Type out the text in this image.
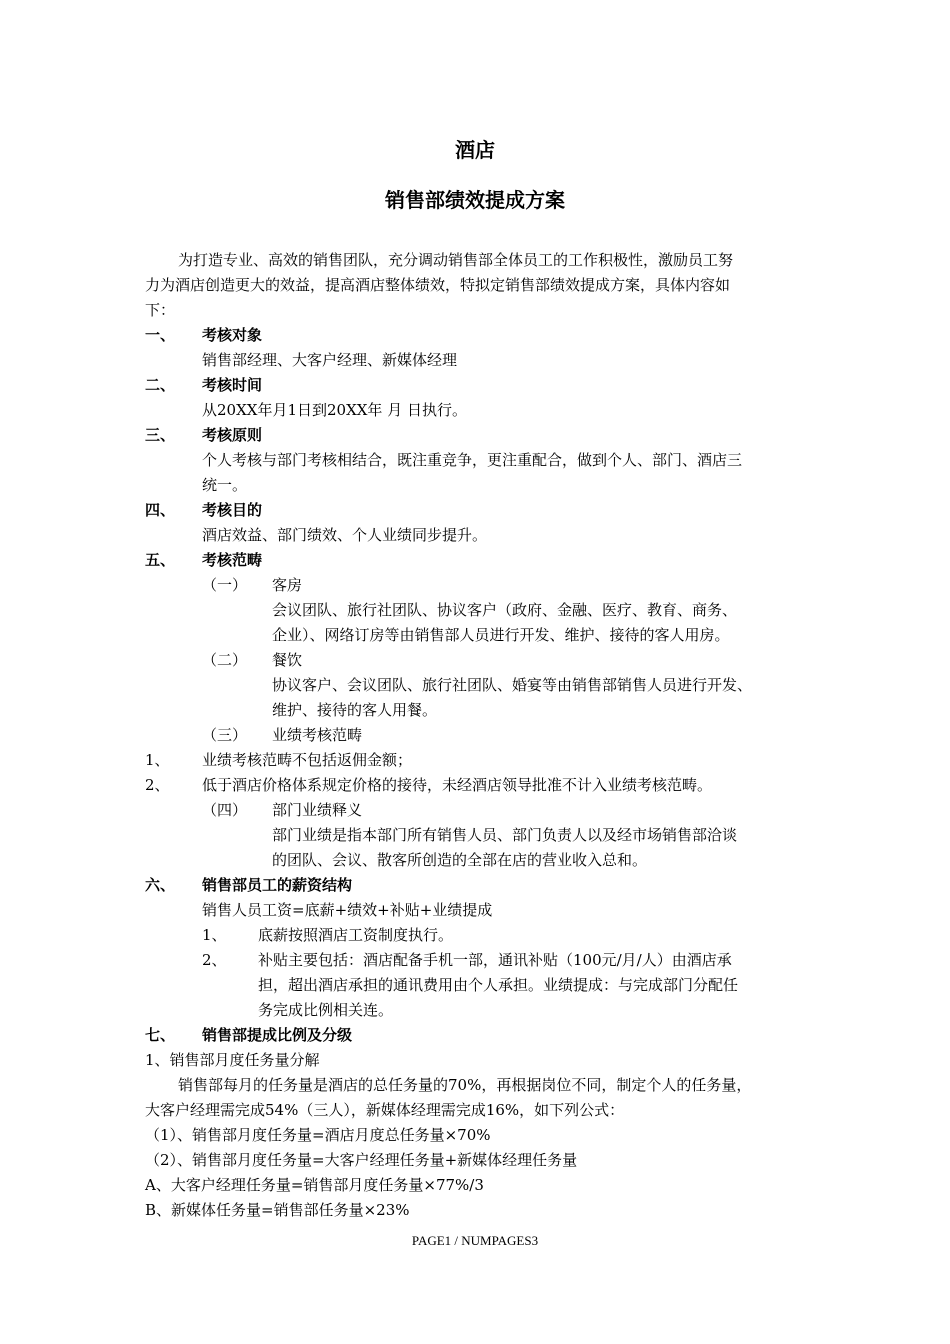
酒店
销售部绩效提成方案
为打造专业、高效的销售团队，充分调动销售部全体员工的工作积极性，激励员工努
力为酒店创造更大的效益，提高酒店整体绩效，特拟定销售部绩效提成方案，具体内容如
下：
一、 考核对象
销售部经理、大客户经理、新媒体经理
二、 考核时间
从20XX年月1日到20XX年 月 日执行。
三、 考核原则
个人考核与部门考核相结合，既注重竞争，更注重配合，做到个人、部门、酒店三
统一。
四、 考核目的
酒店效益、部门绩效、个人业绩同步提升。
五、 考核范畴
（一） 客房
会议团队、旅行社团队、协议客户（政府、金融、医疗、教育、商务、
企业）、网络订房等由销售部人员进行开发、维护、接待的客人用房。
（二） 餐饮
协议客户、会议团队、旅行社团队、婚宴等由销售部销售人员进行开发、
维护、接待的客人用餐。
（三） 业绩考核范畴
1、 业绩考核范畴不包括返佣金额；
2、 低于酒店价格体系规定价格的接待，未经酒店领导批准不计入业绩考核范畴。
（四） 部门业绩释义
部门业绩是指本部门所有销售人员、部门负责人以及经市场销售部洽谈
的团队、会议、散客所创造的全部在店的营业收入总和。
六、 销售部员工的薪资结构
销售人员工资=底薪+绩效+补贴+业绩提成
1、 底薪按照酒店工资制度执行。
2、 补贴主要包括：酒店配备手机一部，通讯补贴（100元/月/人）由酒店承
担，超出酒店承担的通讯费用由个人承担。业绩提成：与完成部门分配任
务完成比例相关连。
七、 销售部提成比例及分级
1、销售部月度任务量分解
销售部每月的任务量是酒店的总任务量的70%，再根据岗位不同，制定个人的任务量，
大客户经理需完成54%（三人），新媒体经理需完成16%，如下列公式：
（1）、销售部月度任务量=酒店月度总任务量×70%
（2）、销售部月度任务量=大客户经理任务量+新媒体经理任务量
A、大客户经理任务量=销售部月度任务量×77%/3
B、新媒体任务量=销售部任务量×23%
PAGE1 / NUMPAGES3
